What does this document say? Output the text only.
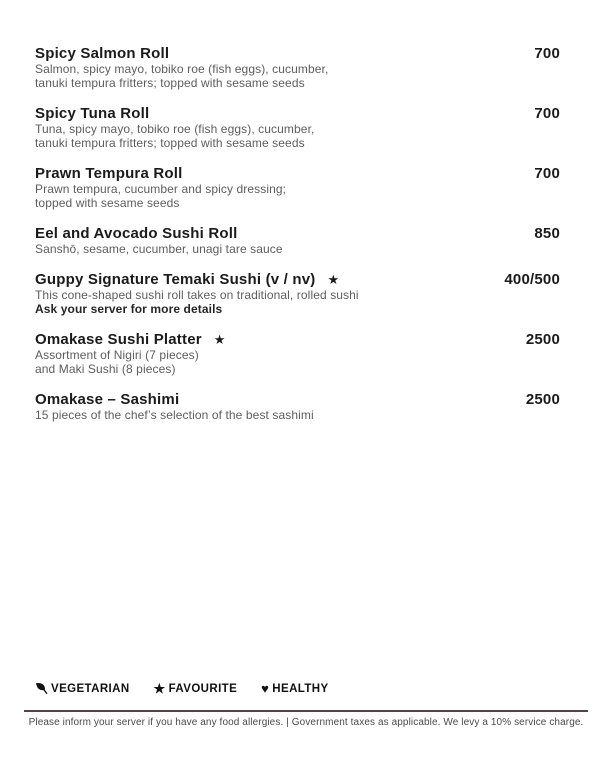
Spicy Salmon Roll	700
Salmon, spicy mayo, tobiko roe (fish eggs), cucumber,
tanuki tempura fritters; topped with sesame seeds
Spicy Tuna Roll	700
Tuna, spicy mayo, tobiko roe (fish eggs), cucumber,
tanuki tempura fritters; topped with sesame seeds
Prawn Tempura Roll	700
Prawn tempura, cucumber and spicy dressing;
topped with sesame seeds
Eel and Avocado Sushi Roll	850
Sanshō, sesame, cucumber, unagi tare sauce
Guppy Signature Temaki Sushi (v / nv) ★	400/500
This cone-shaped sushi roll takes on traditional, rolled sushi
Ask your server for more details
Omakase Sushi Platter ★	2500
Assortment of Nigiri (7 pieces)
and Maki Sushi (8 pieces)
Omakase – Sashimi	2500
15 pieces of the chef’s selection of the best sashimi
VEGETARIAN ★ FAVOURITE ♥ HEALTHY
Please inform your server if you have any food allergies. | Government taxes as applicable. We levy a 10% service charge.
